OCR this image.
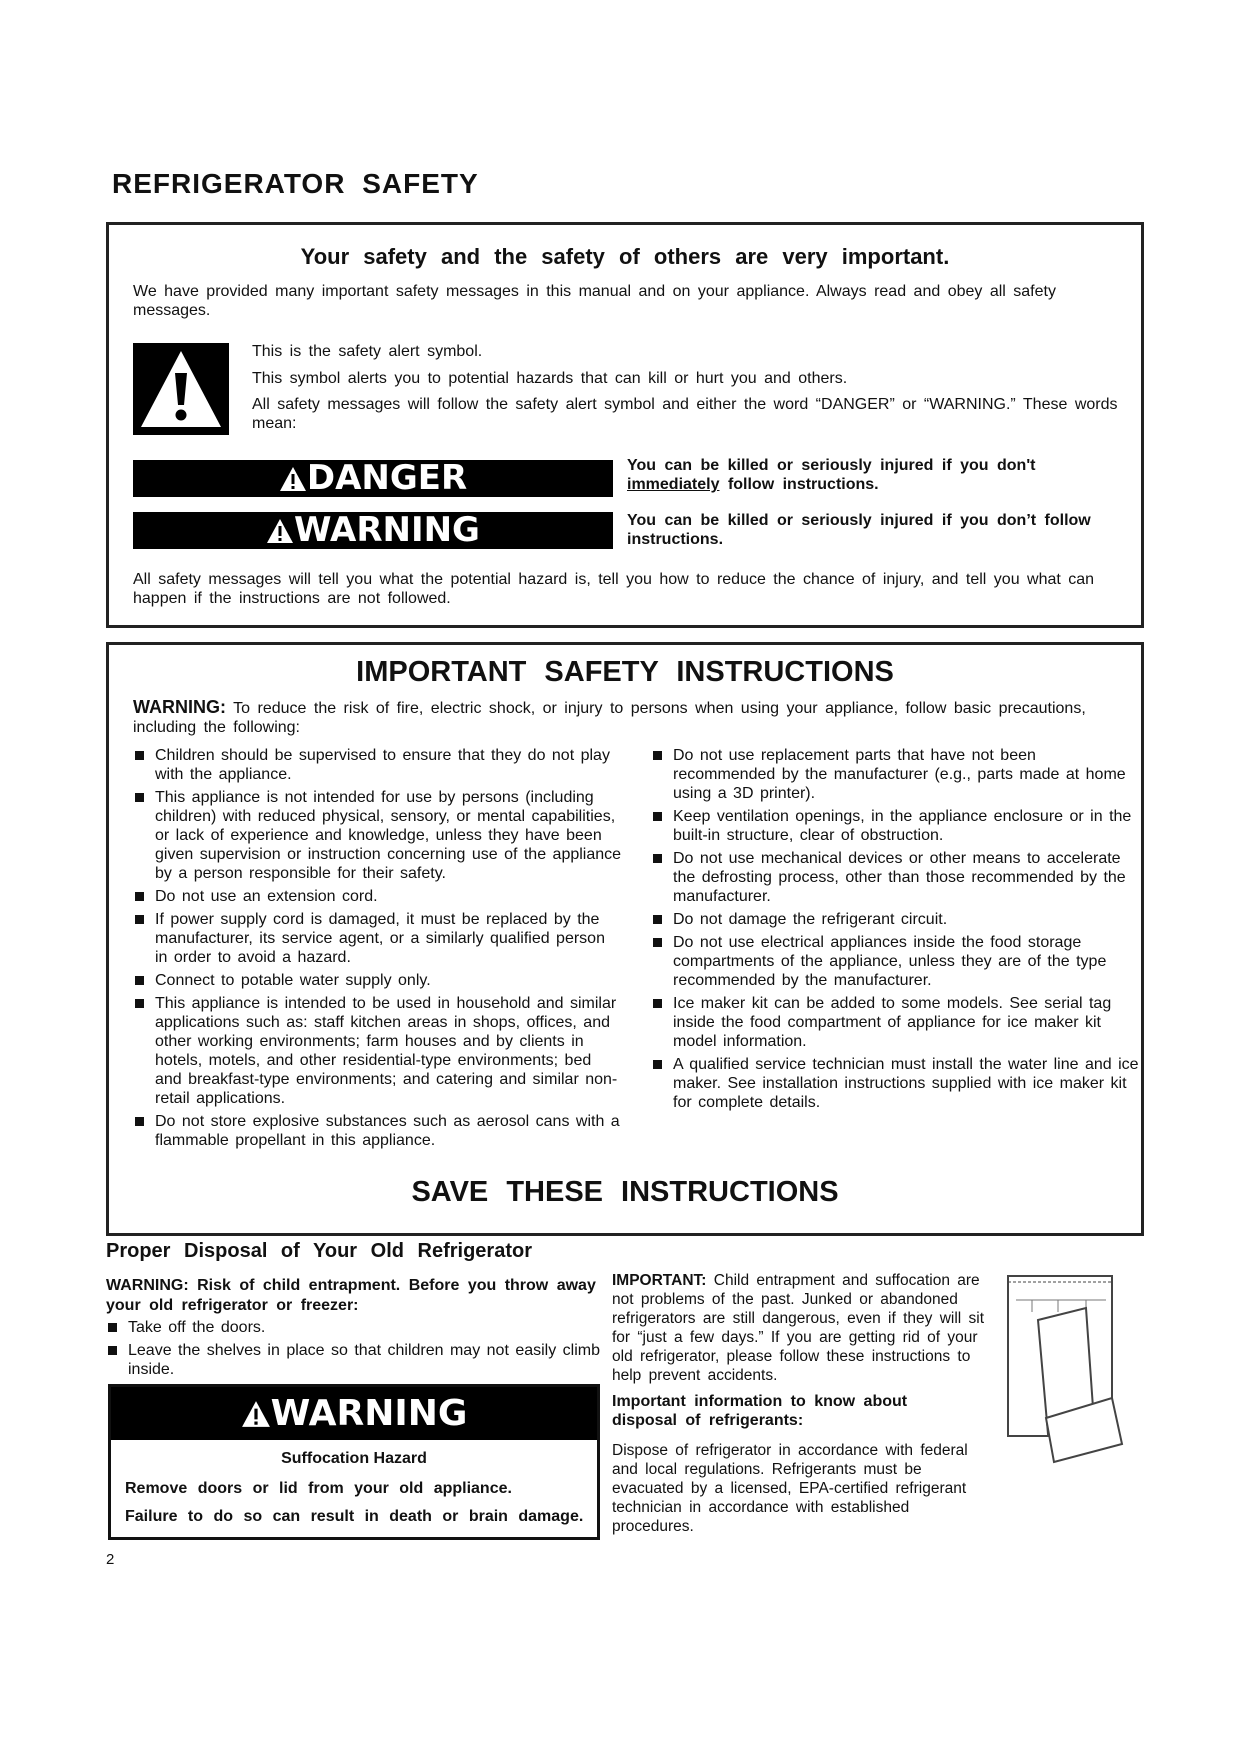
REFRIGERATOR SAFETY
Your safety and the safety of others are very important.
We have provided many important safety messages in this manual and on your appliance. Always read and obey all safety messages.
This is the safety alert symbol.
This symbol alerts you to potential hazards that can kill or hurt you and others.
All safety messages will follow the safety alert symbol and either the word “DANGER” or “WARNING.” These words mean:
DANGER	You can be killed or seriously injured if you don't
immediately follow instructions.
WARNING	You can be killed or seriously injured if you don’t follow instructions.
All safety messages will tell you what the potential hazard is, tell you how to reduce the chance of injury, and tell you what can happen if the instructions are not followed.
IMPORTANT SAFETY INSTRUCTIONS
WARNING: To reduce the risk of fire, electric shock, or injury to persons when using your appliance, follow basic precautions, including the following:
Children should be supervised to ensure that they do not play with the appliance.
This appliance is not intended for use by persons (including children) with reduced physical, sensory, or mental capabilities, or lack of experience and knowledge, unless they have been given supervision or instruction concerning use of the appliance by a person responsible for their safety.
Do not use an extension cord.
If power supply cord is damaged, it must be replaced by the manufacturer, its service agent, or a similarly qualified person in order to avoid a hazard.
Connect to potable water supply only.
This appliance is intended to be used in household and similar applications such as: staff kitchen areas in shops, offices, and other working environments; farm houses and by clients in hotels, motels, and other residential-type environments; bed and breakfast-type environments; and catering and similar non-retail applications.
Do not store explosive substances such as aerosol cans with a flammable propellant in this appliance.
Do not use replacement parts that have not been recommended by the manufacturer (e.g., parts made at home using a 3D printer).
Keep ventilation openings, in the appliance enclosure or in the built-in structure, clear of obstruction.
Do not use mechanical devices or other means to accelerate the defrosting process, other than those recommended by the manufacturer.
Do not damage the refrigerant circuit.
Do not use electrical appliances inside the food storage compartments of the appliance, unless they are of the type recommended by the manufacturer.
Ice maker kit can be added to some models. See serial tag inside the food compartment of appliance for ice maker kit model information.
A qualified service technician must install the water line and ice maker. See installation instructions supplied with ice maker kit for complete details.
SAVE THESE INSTRUCTIONS
Proper Disposal of Your Old Refrigerator
WARNING: Risk of child entrapment. Before you throw away your old refrigerator or freezer:
Take off the doors.
Leave the shelves in place so that children may not easily climb inside.
WARNING
Suffocation Hazard
Remove doors or lid from your old appliance.
Failure to do so can result in death or brain damage.
IMPORTANT: Child entrapment and suffocation are not problems of the past. Junked or abandoned refrigerators are still dangerous, even if they will sit for “just a few days.” If you are getting rid of your old refrigerator, please follow these instructions to help prevent accidents.
Important information to know about disposal of refrigerants:
Dispose of refrigerator in accordance with federal and local regulations. Refrigerants must be evacuated by a licensed, EPA-certified refrigerant technician in accordance with established procedures.
2
